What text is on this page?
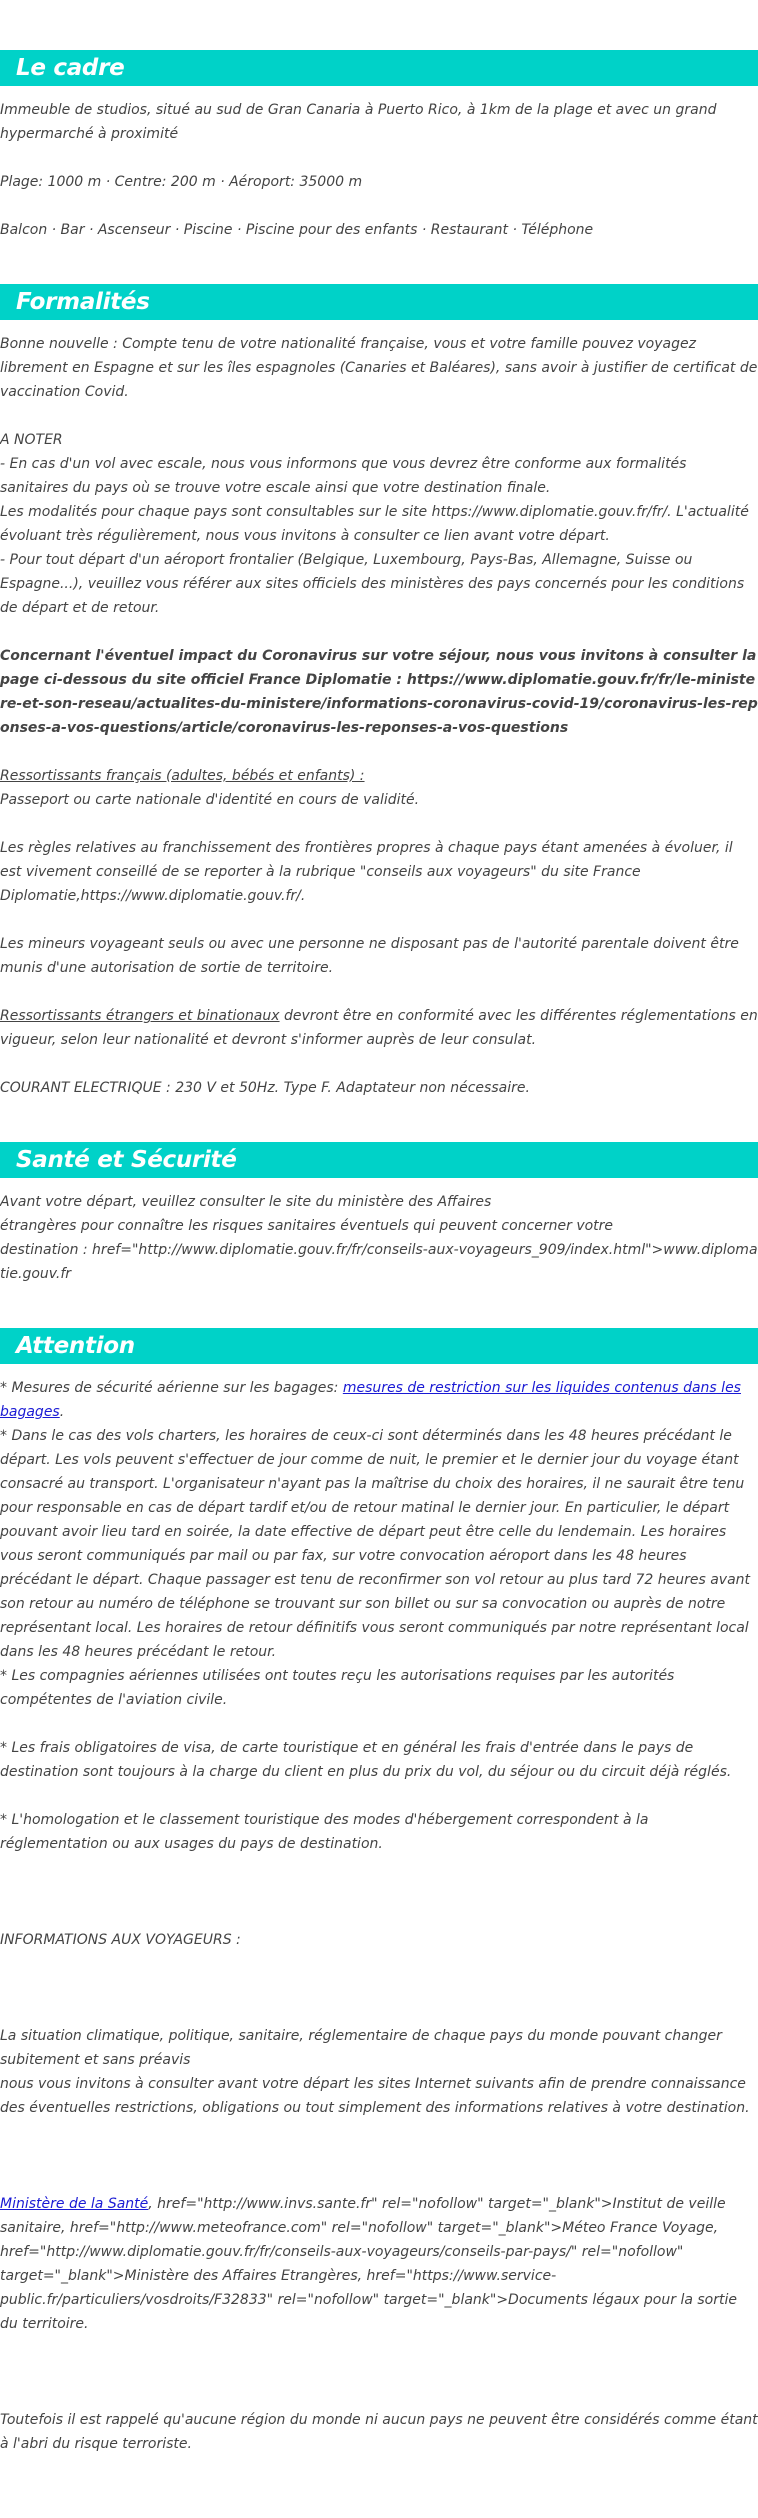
Le cadre

Immeuble de studios, situé au sud de Gran Canaria à Puerto Rico, à 1km de la plage et avec un grand hypermarché à proximité

Plage: 1000 m · Centre: 200 m · Aéroport: 35000 m

Balcon · Bar · Ascenseur · Piscine · Piscine pour des enfants · Restaurant · Téléphone

Formalités

Bonne nouvelle : Compte tenu de votre nationalité française, vous et votre famille pouvez voyagez librement en Espagne et sur les îles espagnoles (Canaries et Baléares), sans avoir à justifier de certificat de vaccination Covid.

A NOTER

- En cas d'un vol avec escale, nous vous informons que vous devrez être conforme aux formalités sanitaires du pays où se trouve votre escale ainsi que votre destination finale.

Les modalités pour chaque pays sont consultables sur le site https://www.diplomatie.gouv.fr/fr/. L'actualité évoluant très régulièrement, nous vous invitons à consulter ce lien avant votre départ.

- Pour tout départ d'un aéroport frontalier (Belgique, Luxembourg, Pays-Bas, Allemagne, Suisse ou Espagne...), veuillez vous référer aux sites officiels des ministères des pays concernés pour les conditions de départ et de retour.

Concernant l'éventuel impact du Coronavirus sur votre séjour, nous vous invitons à consulter la page ci-dessous du site officiel France Diplomatie : https://www.diplomatie.gouv.fr/fr/le-ministere-et-son-reseau/actualites-du-ministere/informations-coronavirus-covid-19/coronavirus-les-reponses-a-vos-questions/article/coronavirus-les-reponses-a-vos-questions

Ressortissants français (adultes, bébés et enfants) :

Passeport ou carte nationale d'identité en cours de validité.

Les règles relatives au franchissement des frontières propres à chaque pays étant amenées à évoluer, il est vivement conseillé de se reporter à la rubrique "conseils aux voyageurs" du site France Diplomatie,https://www.diplomatie.gouv.fr/.

Les mineurs voyageant seuls ou avec une personne ne disposant pas de l'autorité parentale doivent être munis d'une autorisation de sortie de territoire.

Ressortissants étrangers et binationaux devront être en conformité avec les différentes réglementations en vigueur, selon leur nationalité et devront s'informer auprès de leur consulat.

COURANT ELECTRIQUE : 230 V et 50Hz. Type F. Adaptateur non nécessaire.

Santé et Sécurité

Avant votre départ, veuillez consulter le site du ministère des Affaires

étrangères pour connaître les risques sanitaires éventuels qui peuvent concerner votre

destination : href="http://www.diplomatie.gouv.fr/fr/conseils-aux-voyageurs_909/index.html">www.diplomatie.gouv.fr

Attention

* Mesures de sécurité aérienne sur les bagages: mesures de restriction sur les liquides contenus dans les bagages.

* Dans le cas des vols charters, les horaires de ceux-ci sont déterminés dans les 48 heures précédant le départ. Les vols peuvent s'effectuer de jour comme de nuit, le premier et le dernier jour du voyage étant consacré au transport. L'organisateur n'ayant pas la maîtrise du choix des horaires, il ne saurait être tenu pour responsable en cas de départ tardif et/ou de retour matinal le dernier jour. En particulier, le départ pouvant avoir lieu tard en soirée, la date effective de départ peut être celle du lendemain. Les horaires vous seront communiqués par mail ou par fax, sur votre convocation aéroport dans les 48 heures précédant le départ. Chaque passager est tenu de reconfirmer son vol retour au plus tard 72 heures avant son retour au numéro de téléphone se trouvant sur son billet ou sur sa convocation ou auprès de notre représentant local. Les horaires de retour définitifs vous seront communiqués par notre représentant local dans les 48 heures précédant le retour.

* Les compagnies aériennes utilisées ont toutes reçu les autorisations requises par les autorités compétentes de l'aviation civile.

* Les frais obligatoires de visa, de carte touristique et en général les frais d'entrée dans le pays de destination sont toujours à la charge du client en plus du prix du vol, du séjour ou du circuit déjà réglés.

* L'homologation et le classement touristique des modes d'hébergement correspondent à la réglementation ou aux usages du pays de destination.

INFORMATIONS AUX VOYAGEURS :

La situation climatique, politique, sanitaire, réglementaire de chaque pays du monde pouvant changer subitement et sans préavis

nous vous invitons à consulter avant votre départ les sites Internet suivants afin de prendre connaissance des éventuelles restrictions, obligations ou tout simplement des informations relatives à votre destination.

Ministère de la Santé, href="http://www.invs.sante.fr" rel="nofollow" target="_blank">Institut de veille sanitaire, href="http://www.meteofrance.com" rel="nofollow" target="_blank">Méteo France Voyage, href="http://www.diplomatie.gouv.fr/fr/conseils-aux-voyageurs/conseils-par-pays/" rel="nofollow" target="_blank">Ministère des Affaires Etrangères, href="https://www.service-public.fr/particuliers/vosdroits/F32833" rel="nofollow" target="_blank">Documents légaux pour la sortie du territoire.

Toutefois il est rappelé qu'aucune région du monde ni aucun pays ne peuvent être considérés comme étant à l'abri du risque terroriste.
